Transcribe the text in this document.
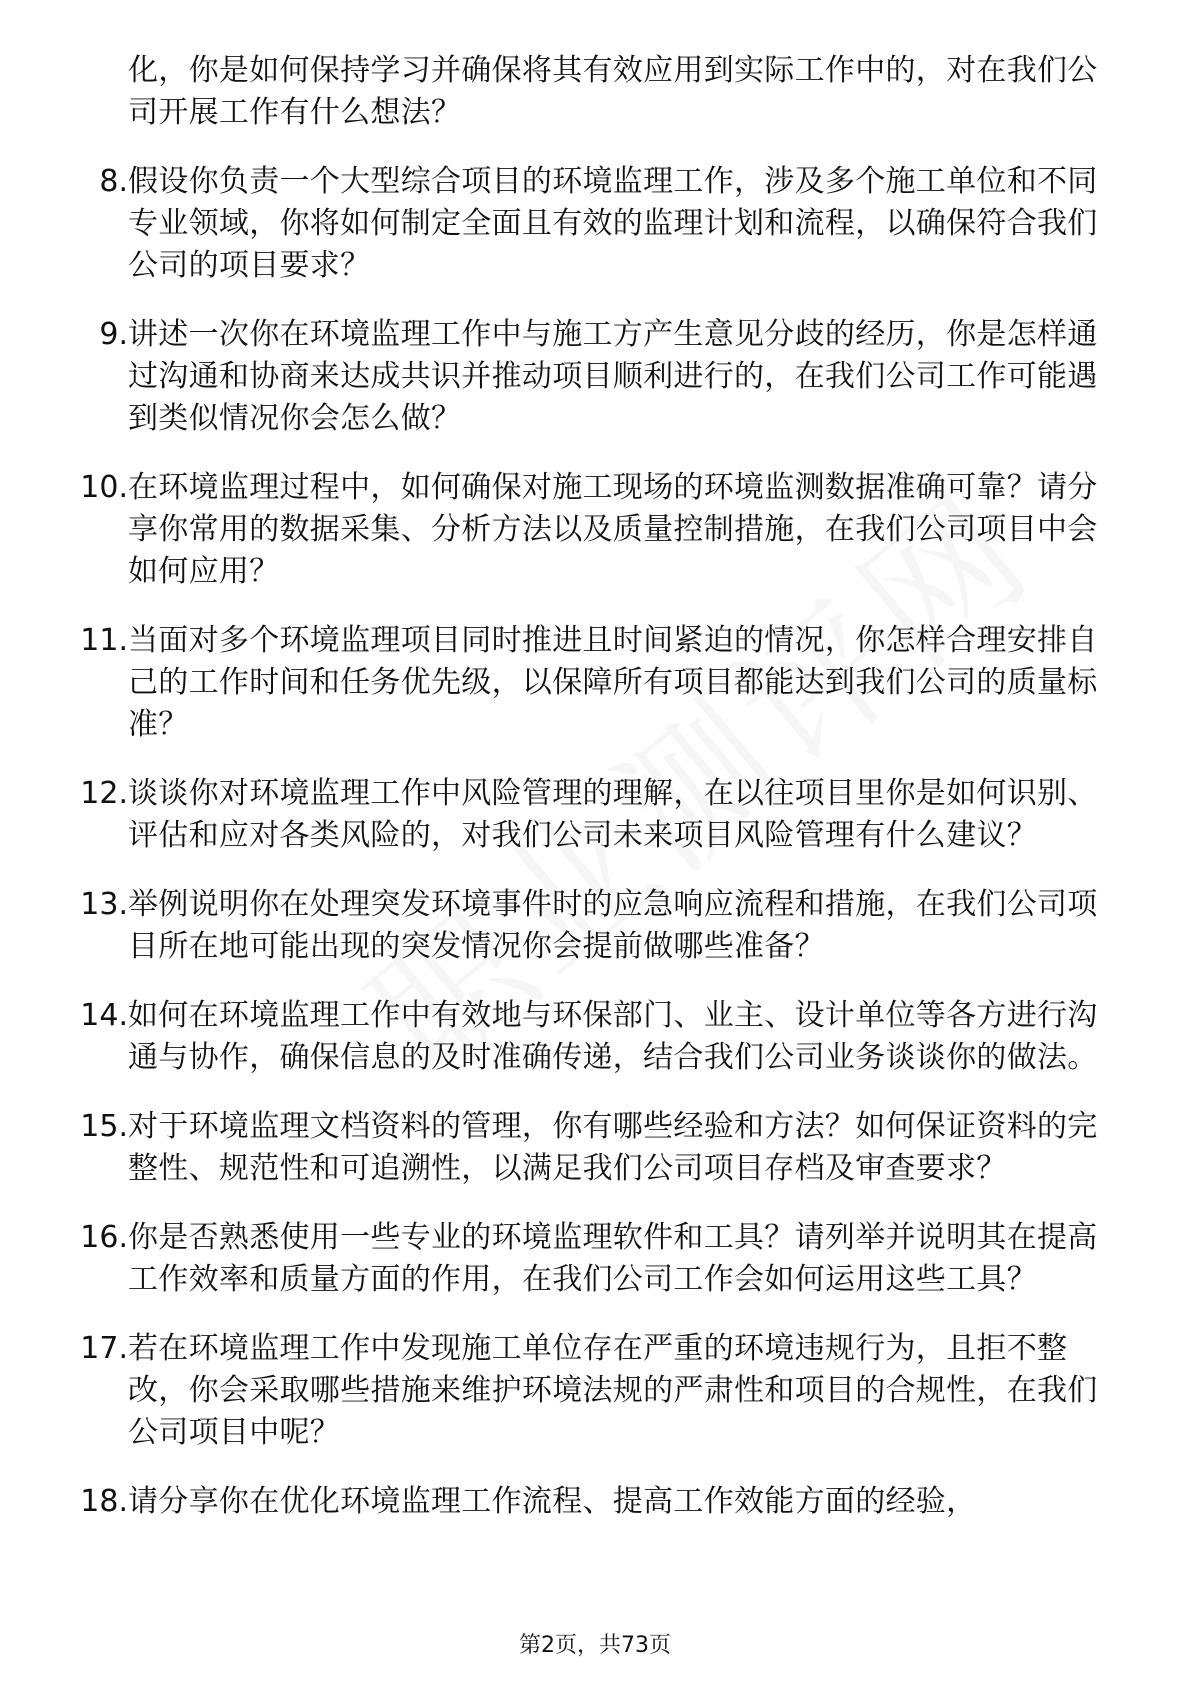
化，你是如何保持学习并确保将其有效应用到实际工作中的，对在我们公司开展工作有什么想法？
8. 假设你负责一个大型综合项目的环境监理工作，涉及多个施工单位和不同专业领域，你将如何制定全面且有效的监理计划和流程，以确保符合我们公司的项目要求？
9. 讲述一次你在环境监理工作中与施工方产生意见分歧的经历，你是怎样通过沟通和协商来达成共识并推动项目顺利进行的，在我们公司工作可能遇到类似情况你会怎么做？
10. 在环境监理过程中，如何确保对施工现场的环境监测数据准确可靠？请分享你常用的数据采集、分析方法以及质量控制措施，在我们公司项目中会如何应用？
11. 当面对多个环境监理项目同时推进且时间紧迫的情况，你怎样合理安排自己的工作时间和任务优先级，以保障所有项目都能达到我们公司的质量标准？
12. 谈谈你对环境监理工作中风险管理的理解，在以往项目里你是如何识别、评估和应对各类风险的，对我们公司未来项目风险管理有什么建议？
13. 举例说明你在处理突发环境事件时的应急响应流程和措施，在我们公司项目所在地可能出现的突发情况你会提前做哪些准备？
14. 如何在环境监理工作中有效地与环保部门、业主、设计单位等各方进行沟通与协作，确保信息的及时准确传递，结合我们公司业务谈谈你的做法。
15. 对于环境监理文档资料的管理，你有哪些经验和方法？如何保证资料的完整性、规范性和可追溯性，以满足我们公司项目存档及审查要求？
16. 你是否熟悉使用一些专业的环境监理软件和工具？请列举并说明其在提高工作效率和质量方面的作用，在我们公司工作会如何运用这些工具？
17. 若在环境监理工作中发现施工单位存在严重的环境违规行为，且拒不整改，你会采取哪些措施来维护环境法规的严肃性和项目的合规性，在我们公司项目中呢？
18. 请分享你在优化环境监理工作流程、提高工作效能方面的经验，
第2页，共73页
